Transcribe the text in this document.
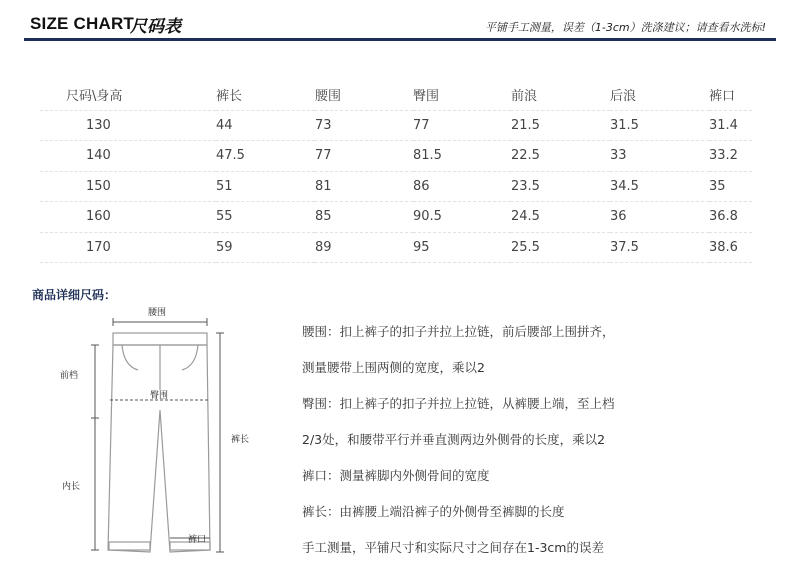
SIZE CHART
尺码表	平铺手工测量，误差（1-3cm）洗涤建议；请查看水洗标!
尺码\身高	裤长	腰围	臀围	前浪	后浪	裤口
130	44	73	77	21.5	31.5	31.4
140	47.5	77	81.5	22.5	33	33.2
150	51	81	86	23.5	34.5	35
160	55	85	90.5	24.5	36	36.8
170	59	89	95	25.5	37.5	38.6
商品详细尺码：
腰围
前档
臀围
裤长
内长
裤口
腰围：扣上裤子的扣子并拉上拉链，前后腰部上围拼齐，
测量腰带上围两侧的宽度，乘以2
臀围：扣上裤子的扣子并拉上拉链，从裤腰上端，至上档
2/3处，和腰带平行并垂直测两边外侧骨的长度，乘以2
裤口：测量裤脚内外侧骨间的宽度
裤长：由裤腰上端沿裤子的外侧骨至裤脚的长度
手工测量，平铺尺寸和实际尺寸之间存在1-3cm的误差
